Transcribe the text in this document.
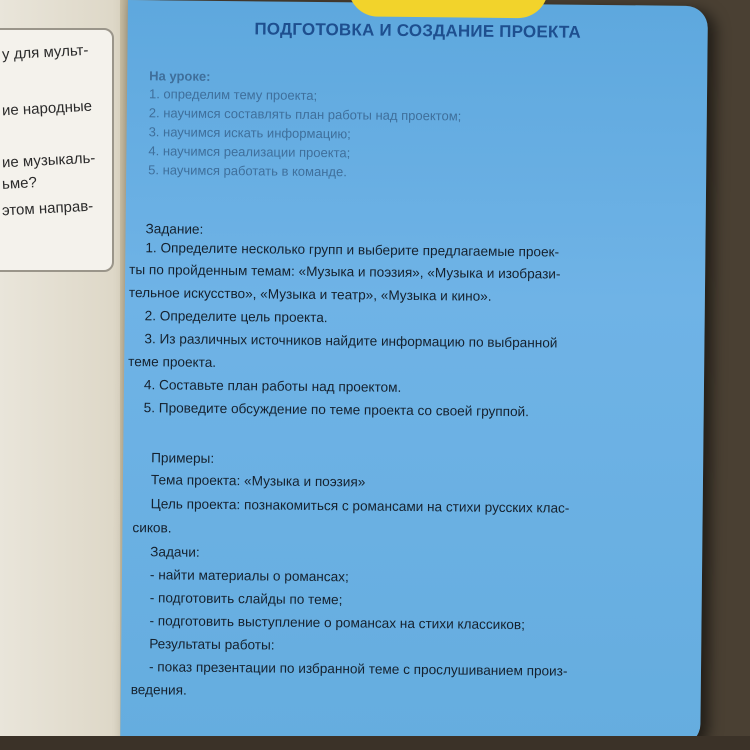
у для мульт-
ие народные
ие музыкаль-
ьме?
этом направ-
ПОДГОТОВКА И СОЗДАНИЕ ПРОЕКТА
На уроке:
1. определим тему проекта;
2. научимся составлять план работы над проектом;
3. научимся искать информацию;
4. научимся реализации проекта;
5. научимся работать в команде.
Задание:
1. Определите несколько групп и выберите предлагаемые проек-
ты по пройденным темам: «Музыка и поэзия», «Музыка и изобрази-
тельное искусство», «Музыка и театр», «Музыка и кино».
2. Определите цель проекта.
3. Из различных источников найдите информацию по выбранной
теме проекта.
4. Составьте план работы над проектом.
5. Проведите обсуждение по теме проекта со своей группой.
Примеры:
Тема проекта: «Музыка и поэзия»
Цель проекта: познакомиться с романсами на стихи русских клас-
сиков.
Задачи:
- найти материалы о романсах;
- подготовить слайды по теме;
- подготовить выступление о романсах на стихи классиков;
Результаты работы:
- показ презентации по избранной теме с прослушиванием произ-
ведения.
